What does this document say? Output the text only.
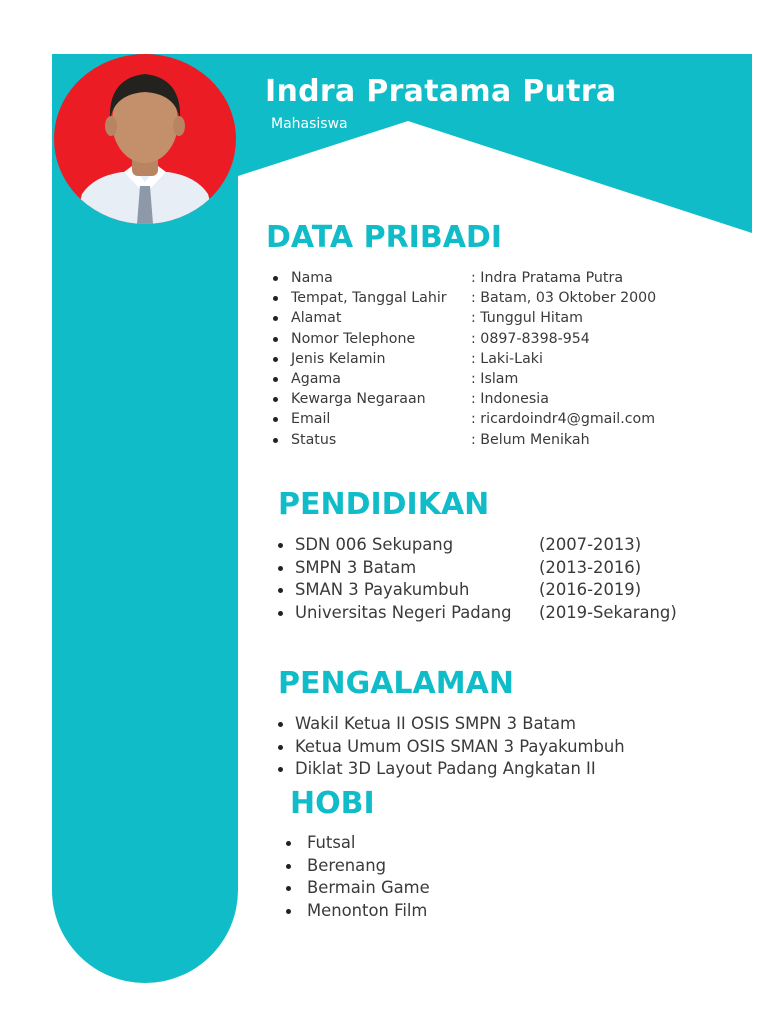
Indra Pratama Putra
Mahasiswa
DATA PRIBADI
Nama	: Indra Pratama Putra
Tempat, Tanggal Lahir : Batam, 03 Oktober 2000
Alamat	: Tunggul Hitam
Nomor Telephone	: 0897-8398-954
Jenis Kelamin	: Laki-Laki
Agama	: Islam
Kewarga Negaraan	: Indonesia
Email	: ricardoindr4@gmail.com
Status	: Belum Menikah
PENDIDIKAN
SDN 006 Sekupang	(2007-2013)
SMPN 3 Batam	(2013-2016)
SMAN 3 Payakumbuh	(2016-2019)
Universitas Negeri Padang (2019-Sekarang)
PENGALAMAN
Wakil Ketua II OSIS SMPN 3 Batam
Ketua Umum OSIS SMAN 3 Payakumbuh
Diklat 3D Layout Padang Angkatan II
HOBI
Futsal
Berenang
Bermain Game
Menonton Film
